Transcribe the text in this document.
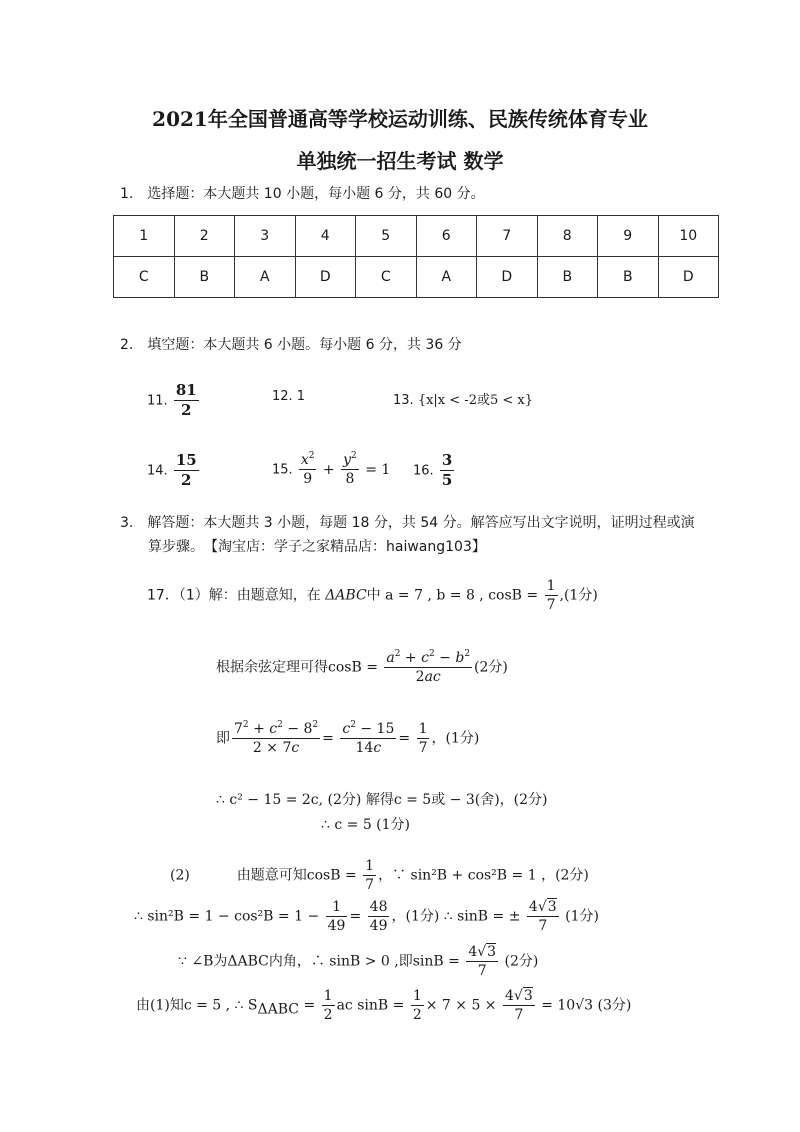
2021年全国普通高等学校运动训练、民族传统体育专业
单独统一招生考试 数学
1.　选择题：本大题共 10 小题，每小题 6 分，共 60 分。
1	2	3	4	5	6	7	8	9	10
C	B	A	D	C	A	D	B	B	D
2.　填空题：本大题共 6 小题。每小题 6 分，共 36 分
11. $\frac{81}{2}$	12. 1	13. {x|x < -2或5 < x}
14. $\frac{15}{2}$	15. $\frac{x^2}{9} + \frac{y^2}{8} = 1$ 16. $\frac{3}{5}$
3.　解答题：本大题共 3 小题，每题 18 分，共 54 分。解答应写出文字说明，证明过程或演
算步骤。　【淘宝店：学子之家精品店：haiwang103】
17．（1）解：由题意知，在 ΔABC中 a = 7 , b = 8 , $\cos B = \frac{1}{7} ,(1$分)
根据余弦定理可得$\cos B = \frac{a^2 + c^2 - b^2}{2ac} (2$分)
即 $\frac{7^2 + c^2 - 8^2}{2 \times 7c} = \frac{c^2 - 15}{14c} = \frac{1}{7}$ ，(1分)
∴ c² − 15 = 2c, (2分) 解得c = 5或 − 3(舍)，(2分)
∴ c = 5 (1分)
(2)	由题意可知$\cos B = \frac{1}{7}$ ，∵ sin²B + cos²B = 1 ，(2分)
∴ $\sin^2B = 1 - \cos^2B = 1 - \frac{1}{49} = \frac{48}{49}$ ，(1分) ∴ sinB = ± $\frac{4√3}{7} (1$分)
∵ ∠B为ΔABC内角，∴ sinB > 0 ,即$\sin B = \frac{4√3}{7} (2$分)
由(1)知c = 5 , ∴ $S_{\Delta ABC} = \frac{1}{2}$ ac $\sin B = \frac{1}{2} \times 7 \times 5 \times \frac{4√3}{7} = 10√3$ (3分)
